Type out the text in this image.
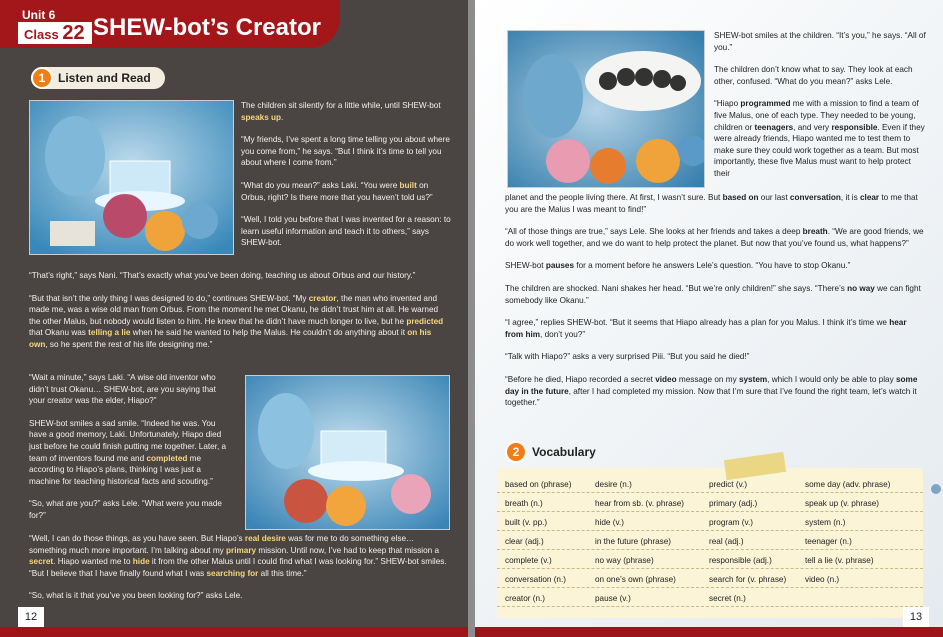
Unit 6
Class 22 SHEW-bot’s Creator
1	Listen and Read

The children sit silently for a little while, until SHEW-bot speaks up.

“My friends, I’ve spent a long time telling you about where you come from,” he says. “But I think it’s time to tell you about where I come from.”

“What do you mean?” asks Laki. “You were built on Orbus, right? Is there more that you haven’t told us?”

“Well, I told you before that I was invented for a reason: to learn useful information and teach it to others,” says SHEW-bot.

“That’s right,” says Nani. “That’s exactly what you’ve been doing, teaching us about Orbus and our history.”

“But that isn’t the only thing I was designed to do,” continues SHEW-bot. “My creator, the man who invented and made me, was a wise old man from Orbus. From the moment he met Okanu, he didn’t trust him at all. He warned the other Malus, but nobody would listen to him. He knew that he didn’t have much longer to live, but he predicted that Okanu was telling a lie when he said he wanted to help the Malus. He couldn’t do anything about it on his own, so he spent the rest of his life designing me.”

“Wait a minute,” says Laki. “A wise old inventor who didn’t trust Okanu… SHEW-bot, are you saying that your creator was the elder, Hiapo?”

SHEW-bot smiles a sad smile. “Indeed he was. You have a good memory, Laki. Unfortunately, Hiapo died just before he could finish putting me together. Later, a team of inventors found me and completed me according to Hiapo’s plans, thinking I was just a machine for teaching historical facts and scouting.”

“So, what are you?” asks Lele. “What were you made for?”

“Well, I can do those things, as you have seen. But Hiapo’s real desire was for me to do something else… something much more important. I’m talking about my primary mission. Until now, I’ve had to keep that mission a secret. Hiapo wanted me to hide it from the other Malus until I could find what I was looking for.” SHEW-bot smiles. “But I believe that I have finally found what I was searching for all this time.”

“So, what is it that you’ve you been looking for?” asks Lele.

12

SHEW-bot smiles at the children. “It’s you,” he says. “All of you.”

The children don’t know what to say. They look at each other, confused. “What do you mean?” asks Lele.

“Hiapo programmed me with a mission to find a team of five Malus, one of each type. They needed to be young, children or teenagers, and very responsible. Even if they were already friends, Hiapo wanted me to test them to make sure they could work together as a team. But most importantly, these five Malus must want to help protect their

planet and the people living there. At first, I wasn’t sure. But based on our last conversation, it is clear to me that you are the Malus I was meant to find!”

“All of those things are true,” says Lele. She looks at her friends and takes a deep breath. “We are good friends, we do work well together, and we do want to help protect the planet. But now that you’ve found us, what happens?”

SHEW-bot pauses for a moment before he answers Lele’s question. “You have to stop Okanu.”

The children are shocked. Nani shakes her head. “But we’re only children!” she says. “There’s no way we can fight somebody like Okanu.”

“I agree,” replies SHEW-bot. “But it seems that Hiapo already has a plan for you Malus. I think it’s time we hear from him, don’t you?”

“Talk with Hiapo?” asks a very surprised Piii. “But you said he died!”

“Before he died, Hiapo recorded a secret video message on my system, which I would only be able to play some day in the future, after I had completed my mission. Now that I’m sure that I’ve found the right team, let’s watch it together.”

2	Vocabulary
based on (phrase)	desire (n.)	predict (v.)	some day (adv. phrase)
breath (n.)	hear from sb. (v. phrase)	primary (adj.)	speak up (v. phrase)
built (v. pp.)	hide (v.)	program (v.)	system (n.)
clear (adj.)	in the future (phrase)	real (adj.)	teenager (n.)
complete (v.)	no way (phrase)	responsible (adj.)	tell a lie (v. phrase)
conversation (n.)	on one’s own (phrase)	search for (v. phrase) video (n.)
creator (n.)	pause (v.)	secret (n.)
13
